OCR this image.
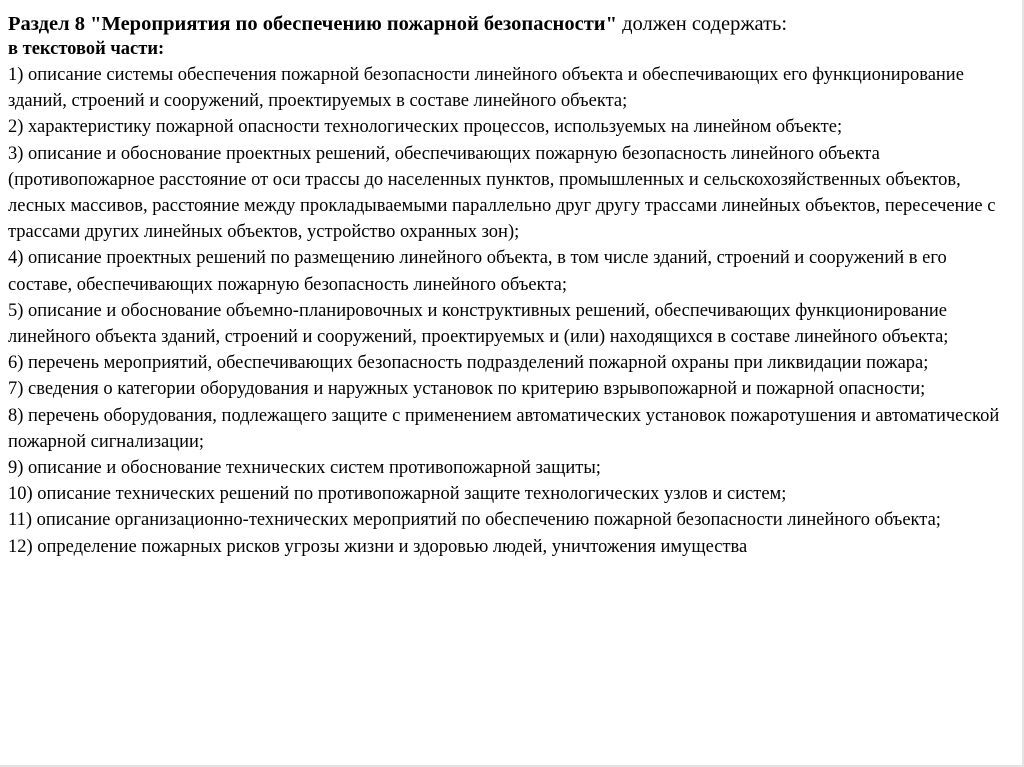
Раздел 8 "Мероприятия по обеспечению пожарной безопасности" должен содержать:

в текстовой части:

1) описание системы обеспечения пожарной безопасности линейного объекта и обеспечивающих его функционирование зданий, строений и сооружений, проектируемых в составе линейного объекта;
2) характеристику пожарной опасности технологических процессов, используемых на линейном объекте;
3) описание и обоснование проектных решений, обеспечивающих пожарную безопасность линейного объекта (противопожарное расстояние от оси трассы до населенных пунктов, промышленных и сельскохозяйственных объектов, лесных массивов, расстояние между прокладываемыми параллельно друг другу трассами линейных объектов, пересечение с трассами других линейных объектов, устройство охранных зон);
4) описание проектных решений по размещению линейного объекта, в том числе зданий, строений и сооружений в его составе, обеспечивающих пожарную безопасность линейного объекта;
5) описание и обоснование объемно-планировочных и конструктивных решений, обеспечивающих функционирование линейного объекта зданий, строений и сооружений, проектируемых и (или) находящихся в составе линейного объекта;
6) перечень мероприятий, обеспечивающих безопасность подразделений пожарной охраны при ликвидации пожара;
7) сведения о категории оборудования и наружных установок по критерию взрывопожарной и пожарной опасности;
8) перечень оборудования, подлежащего защите с применением автоматических установок пожаротушения и автоматической пожарной сигнализации;
9) описание и обоснование технических систем противопожарной защиты;
10) описание технических решений по противопожарной защите технологических узлов и систем;
11) описание организационно-технических мероприятий по обеспечению пожарной безопасности линейного объекта;
12) определение пожарных рисков угрозы жизни и здоровью людей, уничтожения имущества
